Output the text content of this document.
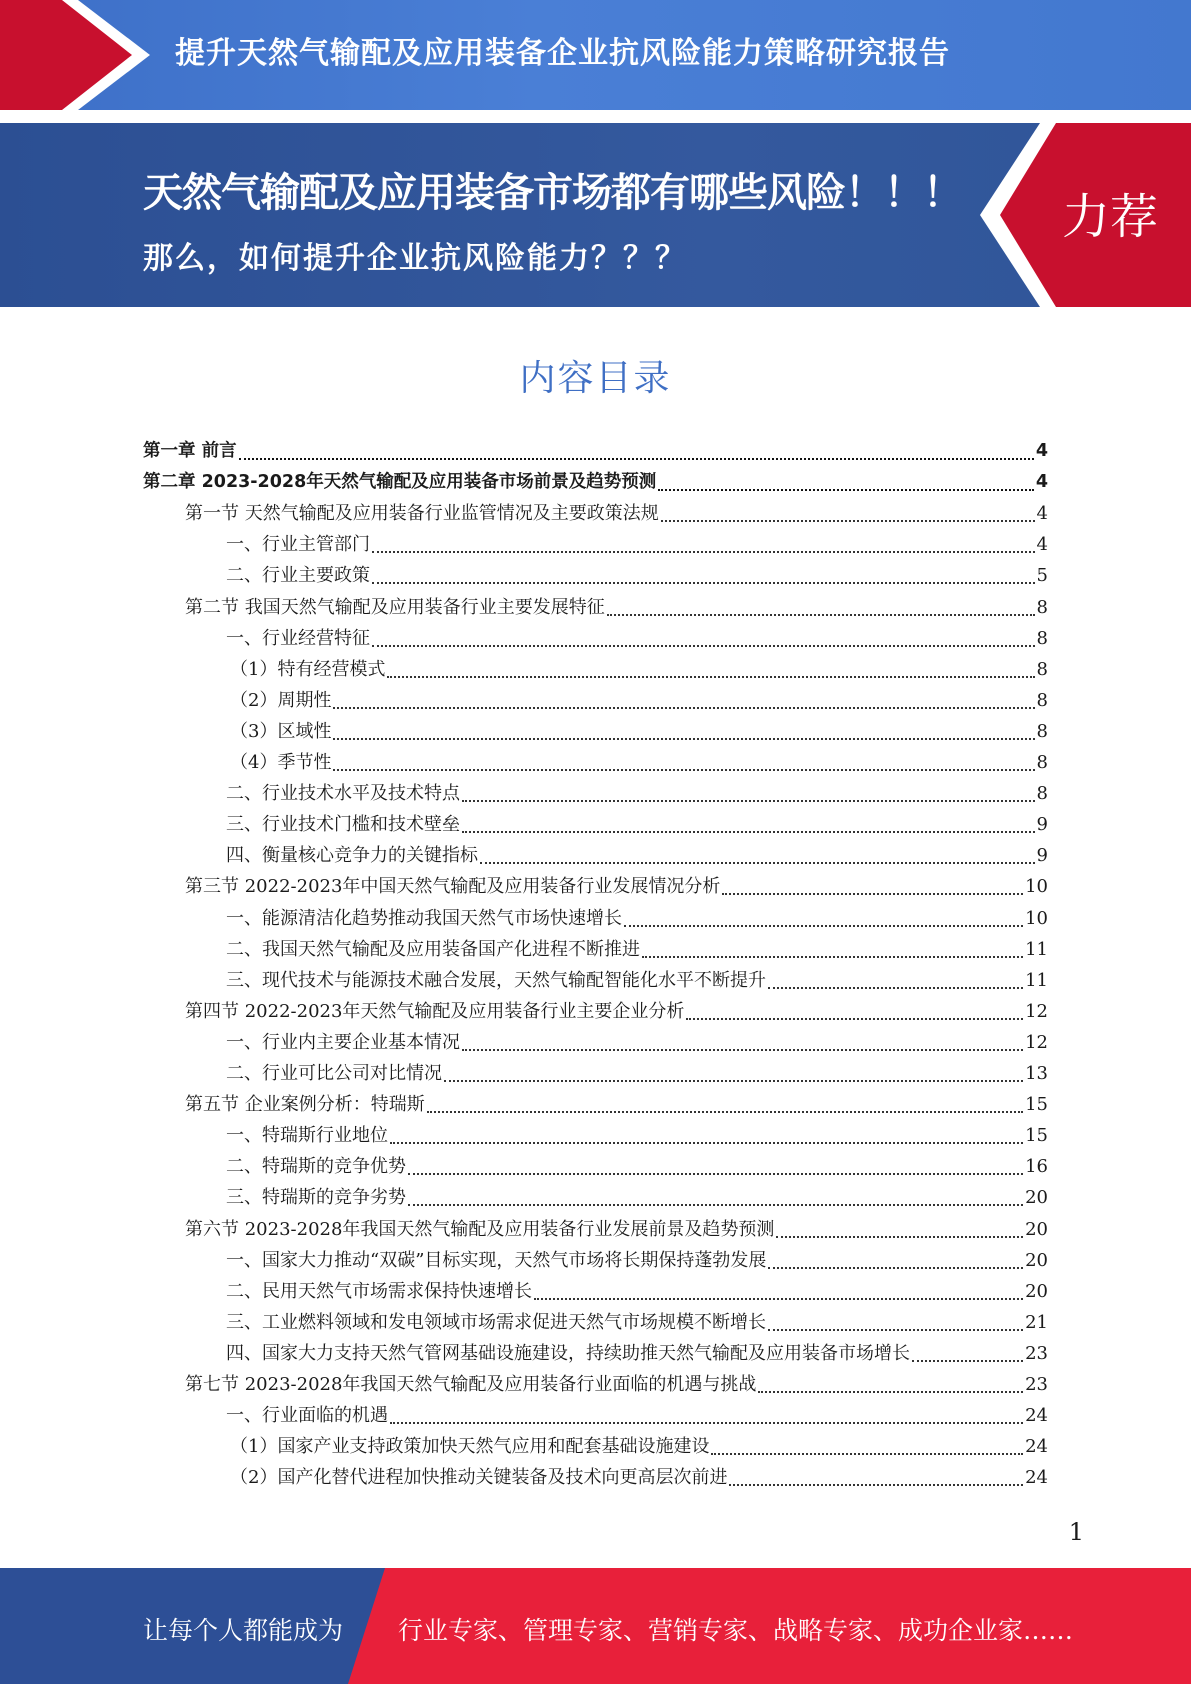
提升天然气输配及应用装备企业抗风险能力策略研究报告
天然气输配及应用装备市场都有哪些风险！！！
那么，如何提升企业抗风险能力？？？
力荐
内容目录
第一章 前言	4
第二章 2023-2028年天然气输配及应用装备市场前景及趋势预测	4
第一节 天然气输配及应用装备行业监管情况及主要政策法规	4
一、行业主管部门	4
二、行业主要政策	5
第二节 我国天然气输配及应用装备行业主要发展特征	8
一、行业经营特征	8
（1）特有经营模式	8
（2）周期性	8
（3）区域性	8
（4）季节性	8
二、行业技术水平及技术特点	8
三、行业技术门槛和技术壁垒	9
四、衡量核心竞争力的关键指标	9
第三节 2022-2023年中国天然气输配及应用装备行业发展情况分析	10
一、能源清洁化趋势推动我国天然气市场快速增长	10
二、我国天然气输配及应用装备国产化进程不断推进	11
三、现代技术与能源技术融合发展，天然气输配智能化水平不断提升	11
第四节 2022-2023年天然气输配及应用装备行业主要企业分析	12
一、行业内主要企业基本情况	12
二、行业可比公司对比情况	13
第五节 企业案例分析：特瑞斯	15
一、特瑞斯行业地位	15
二、特瑞斯的竞争优势	16
三、特瑞斯的竞争劣势	20
第六节 2023-2028年我国天然气输配及应用装备行业发展前景及趋势预测	20
一、国家大力推动“双碳”目标实现，天然气市场将长期保持蓬勃发展	20
二、民用天然气市场需求保持快速增长	20
三、工业燃料领域和发电领域市场需求促进天然气市场规模不断增长	21
四、国家大力支持天然气管网基础设施建设，持续助推天然气输配及应用装备市场增长	23
第七节 2023-2028年我国天然气输配及应用装备行业面临的机遇与挑战	23
一、行业面临的机遇	24
（1）国家产业支持政策加快天然气应用和配套基础设施建设	24
（2）国产化替代进程加快推动关键装备及技术向更高层次前进	24
1
让每个人都能成为 行业专家、管理专家、营销专家、战略专家、成功企业家……
